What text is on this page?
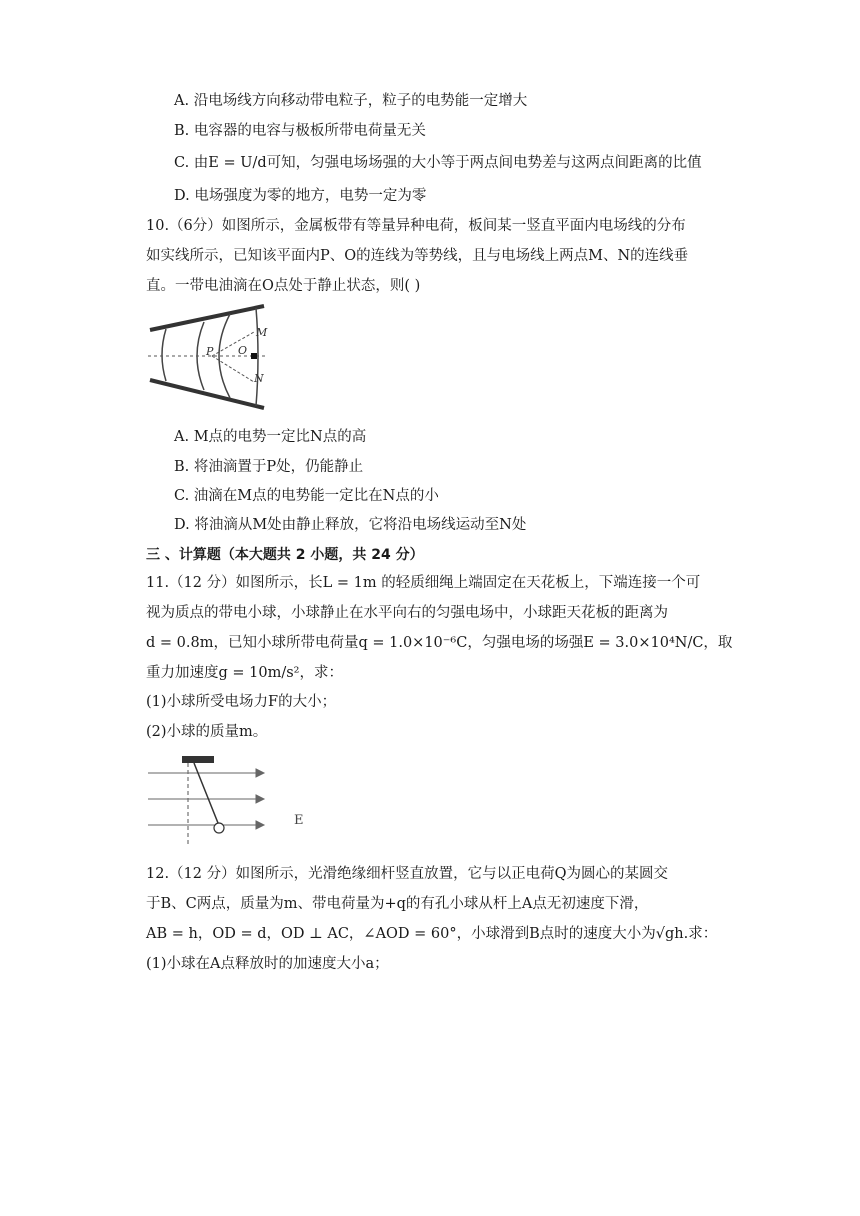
A. 沿电场线方向移动带电粒子，粒子的电势能一定增大
B. 电容器的电容与极板所带电荷量无关
C. 由E = U/d可知，匀强电场场强的大小等于两点间电势差与这两点间距离的比值
D. 电场强度为零的地方，电势一定为零
10.（6分）如图所示，金属板带有等量异种电荷，板间某一竖直平面内电场线的分布
如实线所示，已知该平面内P、O的连线为等势线，且与电场线上两点M、N的连线垂
直。一带电油滴在O点处于静止状态，则( )
P O
M
N
A. M点的电势一定比N点的高
B. 将油滴置于P处，仍能静止
C. 油滴在M点的电势能一定比在N点的小
D. 将油滴从M处由静止释放，它将沿电场线运动至N处
三 、计算题（本大题共 2 小题，共 24 分）
11.（12 分）如图所示，长L = 1m 的轻质细绳上端固定在天花板上，下端连接一个可
视为质点的带电小球，小球静止在水平向右的匀强电场中，小球距天花板的距离为
d = 0.8m，已知小球所带电荷量q = 1.0×10⁻⁶C，匀强电场的场强E = 3.0×10⁴N/C，取
重力加速度g = 10m/s²，求：
(1)小球所受电场力F的大小；
(2)小球的质量m。
E
12.（12 分）如图所示，光滑绝缘细杆竖直放置，它与以正电荷Q为圆心的某圆交
于B、C两点，质量为m、带电荷量为+q的有孔小球从杆上A点无初速度下滑，
AB = h，OD = d，OD ⊥ AC，∠AOD = 60°，小球滑到B点时的速度大小为√gh.求：
(1)小球在A点释放时的加速度大小a；
